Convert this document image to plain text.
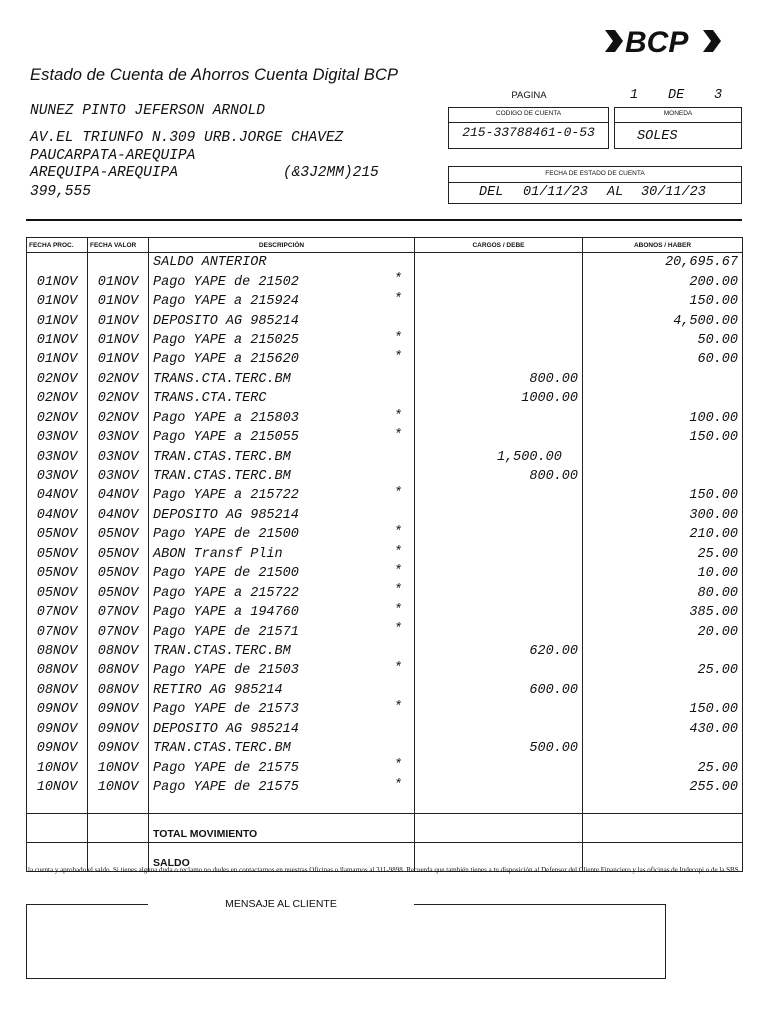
BCP
Estado de Cuenta de Ahorros Cuenta Digital BCP
NUNEZ PINTO JEFERSON ARNOLD
AV.EL TRIUNFO N.309 URB.JORGE CHAVEZ
PAUCARPATA-AREQUIPA
AREQUIPA-AREQUIPA	(&3J2MM)215
399,555
PAGINA	1 DE 3
CODIGO DE CUENTA
215-33788461-0-53
MONEDA
SOLES
FECHA DE ESTADO DE CUENTA
DEL 01/11/23 AL 30/11/23
FECHA PROC.	FECHA VALOR	DESCRIPCIÓN	CARGOS / DEBE	ABONOS / HABER
		SALDO ANTERIOR		20,695.67
01NOV	01NOV	Pago YAPE de 21502 *		200.00
01NOV	01NOV	Pago YAPE a 215924 *		150.00
01NOV	01NOV	DEPOSITO AG 985214		4,500.00
01NOV	01NOV	Pago YAPE a 215025 *		50.00
01NOV	01NOV	Pago YAPE a 215620 *		60.00
02NOV	02NOV	TRANS.CTA.TERC.BM	800.00	
02NOV	02NOV	TRANS.CTA.TERC	1000.00	
02NOV	02NOV	Pago YAPE a 215803 *		100.00
03NOV	03NOV	Pago YAPE a 215055 *		150.00
03NOV	03NOV	TRAN.CTAS.TERC.BM	1,500.00	
03NOV	03NOV	TRAN.CTAS.TERC.BM	800.00	
04NOV	04NOV	Pago YAPE a 215722 *		150.00
04NOV	04NOV	DEPOSITO AG 985214		300.00
05NOV	05NOV	Pago YAPE de 21500 *		210.00
05NOV	05NOV	ABON Transf Plin *		25.00
05NOV	05NOV	Pago YAPE de 21500 *		10.00
05NOV	05NOV	Pago YAPE a 215722 *		80.00
07NOV	07NOV	Pago YAPE a 194760 *		385.00
07NOV	07NOV	Pago YAPE de 21571 *		20.00
08NOV	08NOV	TRAN.CTAS.TERC.BM	620.00	
08NOV	08NOV	Pago YAPE de 21503 *		25.00
08NOV	08NOV	RETIRO AG 985214	600.00	
09NOV	09NOV	Pago YAPE de 21573 *		150.00
09NOV	09NOV	DEPOSITO AG 985214		430.00
09NOV	09NOV	TRAN.CTAS.TERC.BM	500.00	
10NOV	10NOV	Pago YAPE de 21575 *		25.00
10NOV	10NOV	Pago YAPE de 21575 *		255.00

		TOTAL MOVIMIENTO		
		SALDO		
la cuenta y aprobado el saldo. Si tienes alguna duda o reclamo no dudes en contactarnos en nuestras Oficinas o llamarnos al 311-9898. Recuerda que también tienes a tu disposición al Defensor del Cliente Financiero y las oficinas de Indecopi o de la SBS
MENSAJE AL CLIENTE
